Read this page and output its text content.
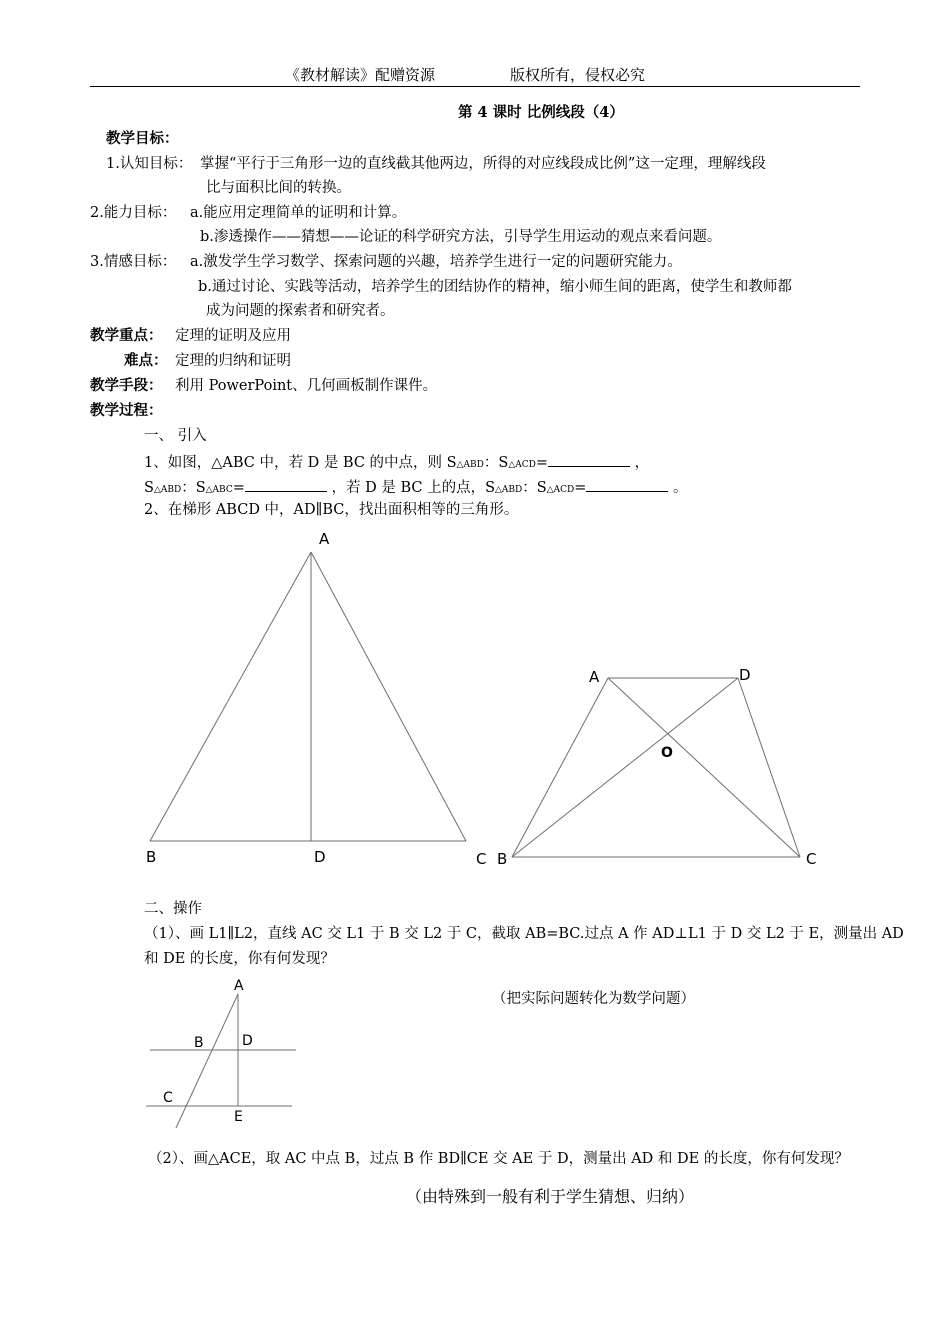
《教材解读》配赠资源	版权所有，侵权必究
第 4 课时 比例线段（4）
教学目标：
1.认知目标： 掌握“平行于三角形一边的直线截其他两边，所得的对应线段成比例”这一定理，理解线段
比与面积比间的转换。
2.能力目标： a.能应用定理简单的证明和计算。
b.渗透操作——猜想——论证的科学研究方法，引导学生用运动的观点来看问题。
3.情感目标： a.激发学生学习数学、探索问题的兴趣，培养学生进行一定的问题研究能力。
b.通过讨论、实践等活动，培养学生的团结协作的精神，缩小师生间的距离，使学生和教师都
成为问题的探索者和研究者。
教学重点： 定理的证明及应用
难点： 定理的归纳和证明
教学手段： 利用 PowerPoint、几何画板制作课件。
教学过程：
一、 引入
1、如图，△ABC 中，若 D 是 BC 的中点，则 S△ABD：S△ACD=	，
S△ABD：S△ABC=	，若 D 是 BC 上的点，S△ABD：S△ACD=	。
2、在梯形 ABCD 中，AD∥BC，找出面积相等的三角形。
A
B	D	C
A	D
O
B	C
A
B	D
C
E
二、操作
（1）、画 L1∥L2，直线 AC 交 L1 于 B 交 L2 于 C，截取 AB=BC.过点 A 作 AD⊥L1 于 D 交 L2 于 E，测量出 AD
和 DE 的长度，你有何发现？
（把实际问题转化为数学问题）
（2）、画△ACE，取 AC 中点 B，过点 B 作 BD∥CE 交 AE 于 D，测量出 AD 和 DE 的长度，你有何发现？
（由特殊到一般有利于学生猜想、归纳）
